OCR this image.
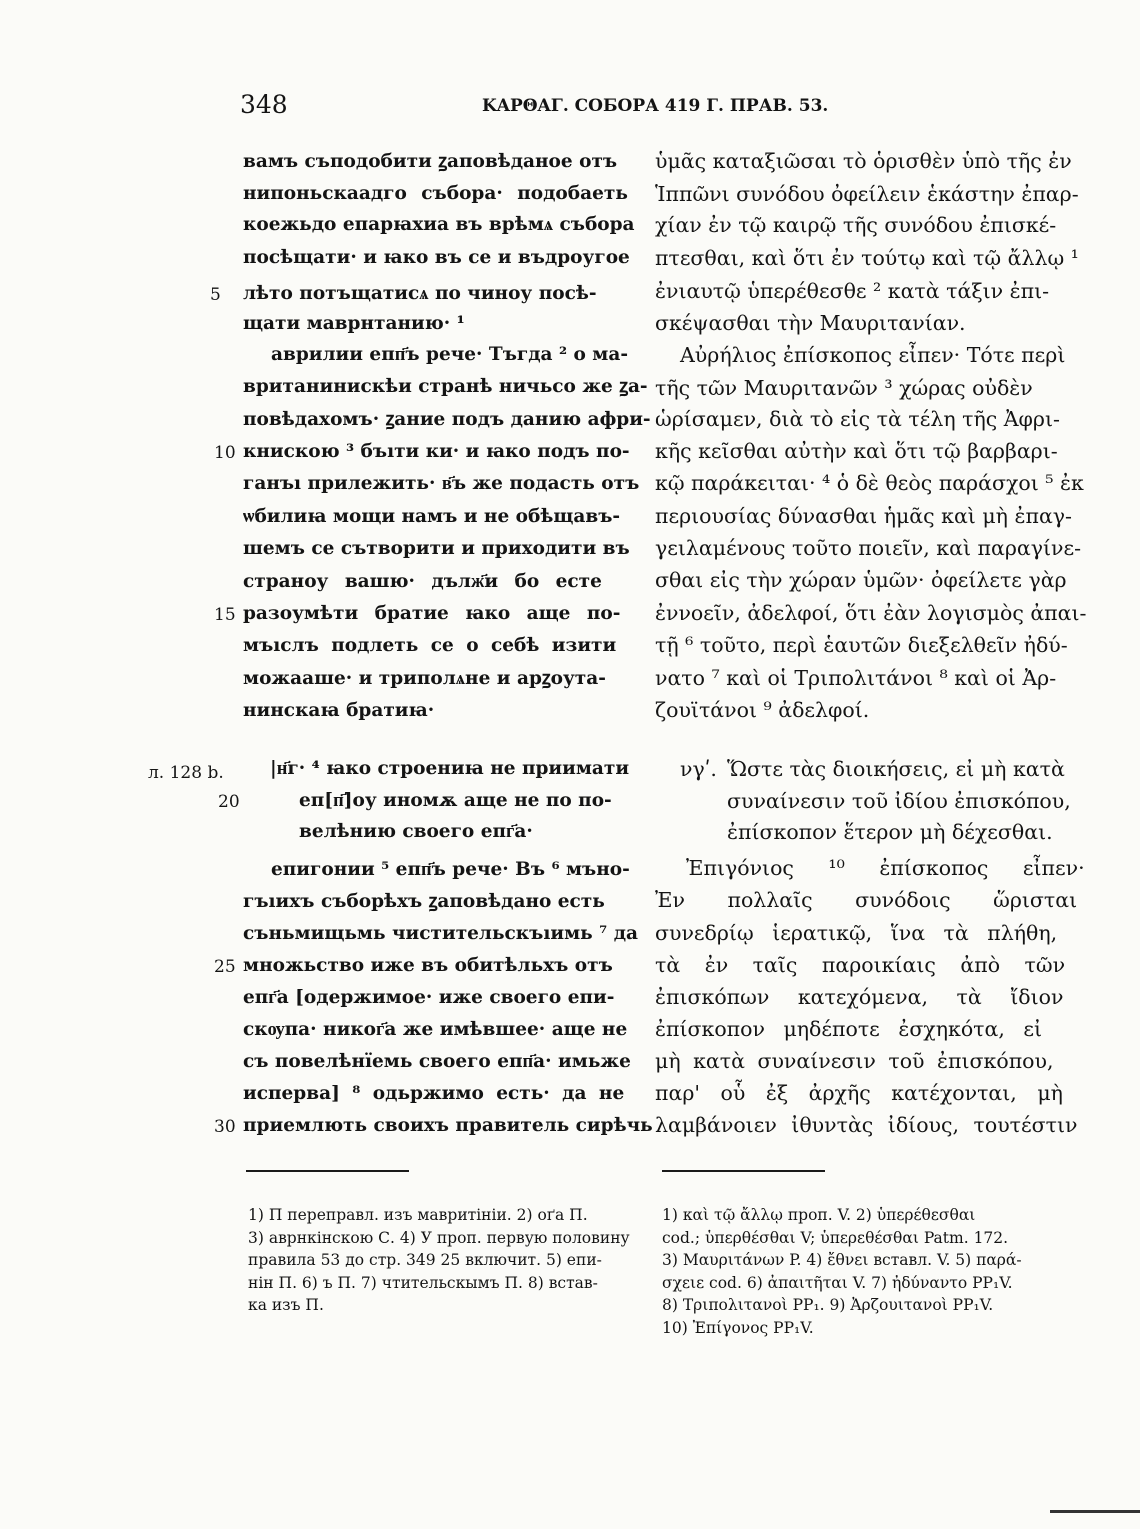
348	ΚΑΡΘΑΓ. СОБОРА 419 Г. ПРАВ. 53.
5
10
15
20
25
30
л. 128 b.
вамъ съподобити ꙁаповѣданое отъ
нипоньскаадго съборa· подобаеть
коежьдо епарꙗхиа въ врѣмѧ събора
посѣщати· и ꙗко въ се и въдроугое
лѣто потъщатиcѧ по чиноу посѣ-
щати маврнтанию· ¹
аврилии епп҃ъ рече· Тъгда ² о ма-
вританинискѣи стpанѣ ничьсо же ꙁа-
повѣдахомъ· ꙁание подъ данию афри-
книскою ³ бъıти ки· и ꙗко подъ по-
ганъı прилежить· в҃ъ же подасть отъ
ѡбилиꙗ мощи намъ и не обѣщавъ-
шемъ се сътворити и прихoдити въ
страноу вашю· дълж҃и бо есте
разоумѣти братие ꙗко аще по-
мъıслъ подлеть се о себѣ изити
можааше· и триполѧне и арꙁоута-
нинскаꙗ братиꙗ·
|н҃г· ⁴ ꙗко строениꙗ не приимати
еп[п҃]оу иномѫ аще не по по-
велѣнию своего епг҃а·
епигонии ⁵ епп҃ъ рече· Въ ⁶ мъно-
гъıихъ съборѣхъ ꙁаповѣдано есть
съньмищьмь чистительскъıимь ⁷ да
множьство иже въ обитѣльхъ отъ
епг҃а [одержимое· иже своего епи-
скѹпа· никог҃а же имѣвшее· аще не
съ повелѣнїемь своего епп҃а· имьже
испервa] ⁸ одьржимо есть· да не
приемлють своихъ правитель сирѣчь
ὑμᾶς καταξιῶσαι τὸ ὁρισθὲν ὑπὸ τῆς ἐν
Ἱππῶνι συνόδου ὀφείλειν ἑκάστην ἐπαρ-
χίαν ἐν τῷ καιρῷ τῆς συνόδου ἐπισκέ-
πτεσθαι, καὶ ὅτι ἐν τούτῳ καὶ τῷ ἄλλῳ ¹
ἐνιαυτῷ ὑπερέθεσθε ² κατὰ τάξιν ἐπι-
σκέψασθαι τὴν Μαυριτανίαν.
Αὐρήλιος ἐπίσκοπος εἶπεν· Τότε περὶ
τῆς τῶν Μαυριτανῶν ³ χώρας οὐδὲν
ὡρίσαμεν, διὰ τὸ εἰς τὰ τέλη τῆς Ἀφρι-
κῆς κεῖσθαι αὐτὴν καὶ ὅτι τῷ βαρβαρι-
κῷ παράκειται· ⁴ ὁ δὲ θεὸς παράσχοι ⁵ ἐκ
περιουσίας δύνασθαι ἡμᾶς καὶ μὴ ἐπαγ-
γειλαμένους τοῦτο ποιεῖν, καὶ παραγίνε-
σθαι εἰς τὴν χώραν ὑμῶν· ὀφείλετε γὰρ
ἐννοεῖν, ἀδελφοί, ὅτι ἐὰν λογισμὸς ἀπαι-
τῇ ⁶ τοῦτο, περὶ ἑαυτῶν διεξελθεῖν ἠδύ-
νατο ⁷ καὶ οἱ Τριπολιτάνοι ⁸ καὶ οἱ Ἀρ-
ζουϊτάνοι ⁹ ἀδελφοί.
νγʹ. Ὥστε τὰς διοικήσεις, εἰ μὴ κατὰ
συναίνεσιν τοῦ ἰδίου ἐπισκόπου,
ἐπίσκοπον ἕτερον μὴ δέχεσθαι.
Ἐπιγόνιος ¹⁰ ἐπίσκοπος εἶπεν·
Ἐν πολλαῖς συνόδοις ὥρισται
συνεδρίῳ ἱερατικῷ, ἵνα τὰ πλήθη,
τὰ ἐν ταῖς παροικίαις ἀπὸ τῶν
ἐπισκόπων κατεχόμενα, τὰ ἴδιον
ἐπίσκοπον μηδέποτε ἐσχηκότα, εἰ
μὴ κατὰ συναίνεσιν τοῦ ἐπισκόπου,
παρ' οὗ ἐξ ἀρχῆς κατέχονται, μὴ
λαμβάνοιεν ἰθυντὰς ἰδίους, τουτέστιν

1) П перепpавл. изъ мавритініи. 2) оґа П.

3) аврнкінскою С. 4) У проп. первую половину

правила 53 до стр. 349 25 включит. 5) епи-

нін П. 6) ъ П. 7) чтительскымъ П. 8) встав-

ка изъ П.

1) καὶ τῷ ἄλλῳ проп. V. 2) ὑπερέθεσθαι

cod.; ὑπερθέσθαι V; ὑπερεθέσθαι Patm. 172.

3) Μαυριτάνων P. 4) ἔθνει вставл. V. 5) παρά-

σχειε cod. 6) ἀπαιτῆται V. 7) ἠδύναντο PP₁V.

8) Τριπολιτανοὶ PP₁. 9) Ἀρζουιτανοὶ PP₁V.

10) Ἐπίγονος PP₁V.
